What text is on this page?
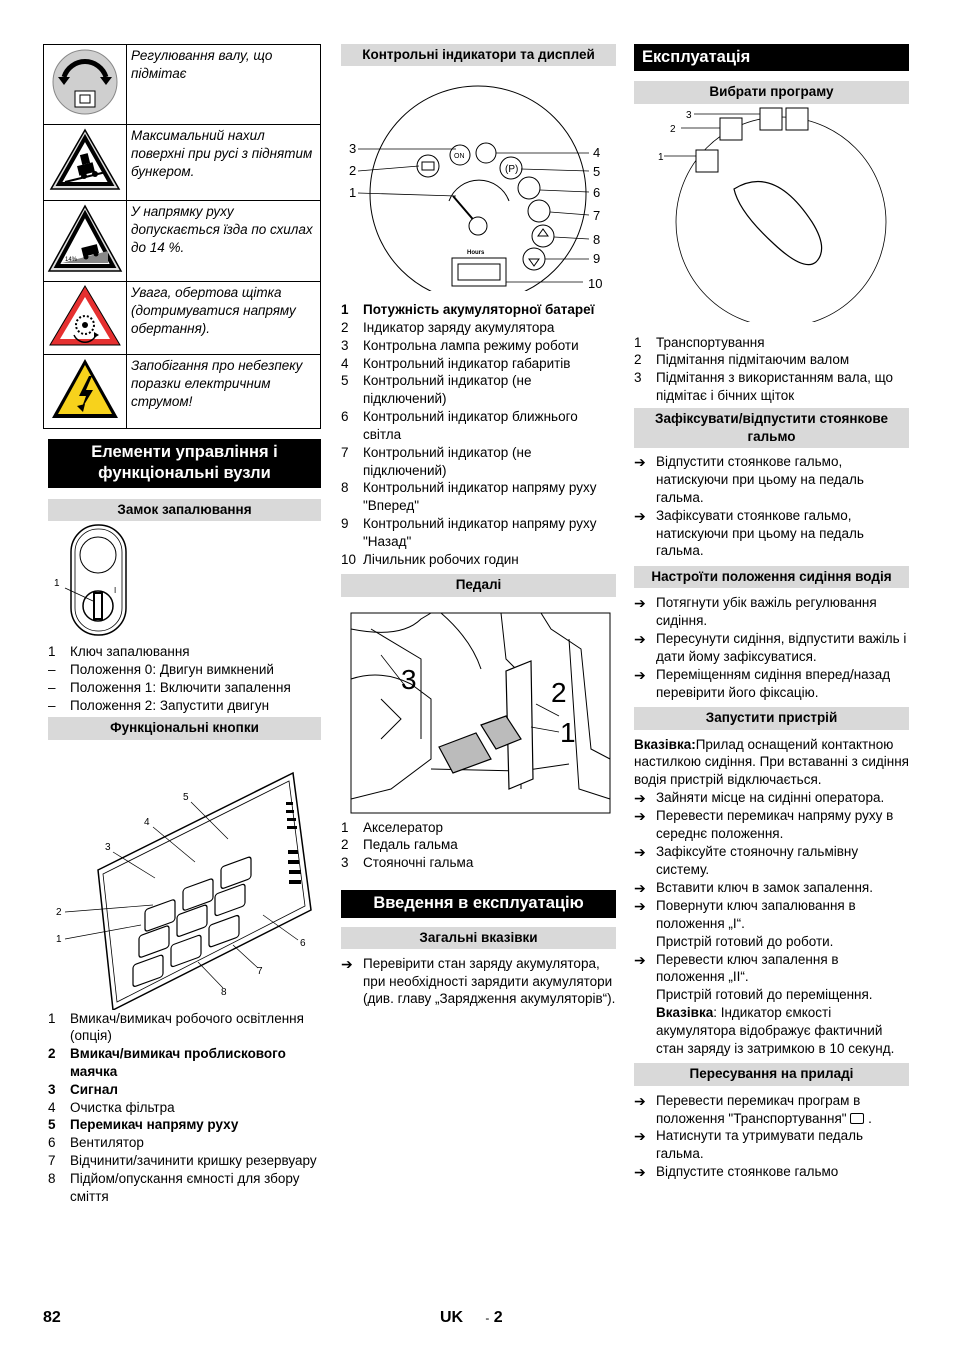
	Регулювання валу, що підмітає
	Максимальний нахил поверхні при русі з піднятим бункером.

14%	У напрямку руху допускається їзда по схилах до 14 %.
	Увага, обертова щітка (дотримуватися напряму обертання).
	Запобігання про небезпеку поразки електричним струмом!
Елементи управління і функціональні вузли
Замок запалювання
1
I
1	Ключ запалювання
–	Положення 0: Двигун вимкнений
–	Положення 1: Включити запалення
–	Положення 2: Запустити двигун
Функціональні кнопки
1
2
3
4
5
6
7
8
1	Вмикач/вимикач робочого освітлення (опція)
2	Вмикач/вимикач проблискового маячка
3	Сигнал
4	Очистка фільтра
5	Перемикач напряму руху
6	Вентилятор
7	Відчинити/зачинити кришку резервуару
8	Підйом/опускання ємності для збору сміття
Контрольні індикатори та дисплей
ON
(P)
Hours
3
2
1
4
5
6
7
8
9
10
1	Потужність акумуляторної батареї
2	Індикатор заряду акумулятора
3	Контрольна лампа режиму роботи
4	Контрольний індикатор габаритів
5	Контрольний індикатор (не підключений)
6	Контрольний індикатор ближнього світла
7	Контрольний індикатор (не підключений)
8	Контрольний індикатор напряму руху "Вперед"
9	Контрольний індикатор напряму руху "Назад"
10 Лічильник робочих годин
Педалі
1
2
3
1	Акселератор
2	Педаль гальма
3	Стояночні гальма
Введення в експлуатацію
Загальні вказівки
➔ Перевірити стан заряду акумулятора, при необхідності зарядити акумулятори (див. главу „Зарядження акумуляторів“).
Експлуатація
Вибрати програму
1
2
3
1	Транспортування
2	Підмітання підмітаючим валом
3	Підмітання з використанням вала, що підмітає і бічних щіток
Зафіксувати/відпустити стоянкове гальмо
➔ Відпустити стоянкове гальмо, натискуючи при цьому на педаль гальма.
➔ Зафіксувати стоянкове гальмо, натискуючи при цьому на педаль гальма.
Настроїти положення сидіння водія
➔ Потягнути убік важіль регулювання сидіння.
➔ Пересунути сидіння, відпустити важіль і дати йому зафіксуватися.
➔ Переміщенням сидіння вперед/назад перевірити його фіксацію.
Запустити пристрій

Вказівка:Прилад оснащений контактною настилкою сидіння. При вставанні з сидіння водія пристрій відключається.

➔ Зайняти місце на сидінні оператора.
➔ Перевести перемикач напряму руху в середнє положення.
➔ Зафіксуйте стояночну гальмівну систему.
➔ Вставити ключ в замок запалення.
➔ Повернути ключ запалювання в положення „I“.
Пристрій готовий до роботи.
➔ Перевести ключ запалення в положення „II“.
Пристрій готовий до переміщення.

Вказівка: Індикатор ємкості акумулятора відображує фактичний стан заряду із затримкою в 10 секунд.

Пересування на приладі
➔ Перевести перемикач програм в положення "Транспортування"  .
➔ Натиснути та утримувати педаль гальма.
➔ Відпустите стоянкове гальмо
82	UK - 2
